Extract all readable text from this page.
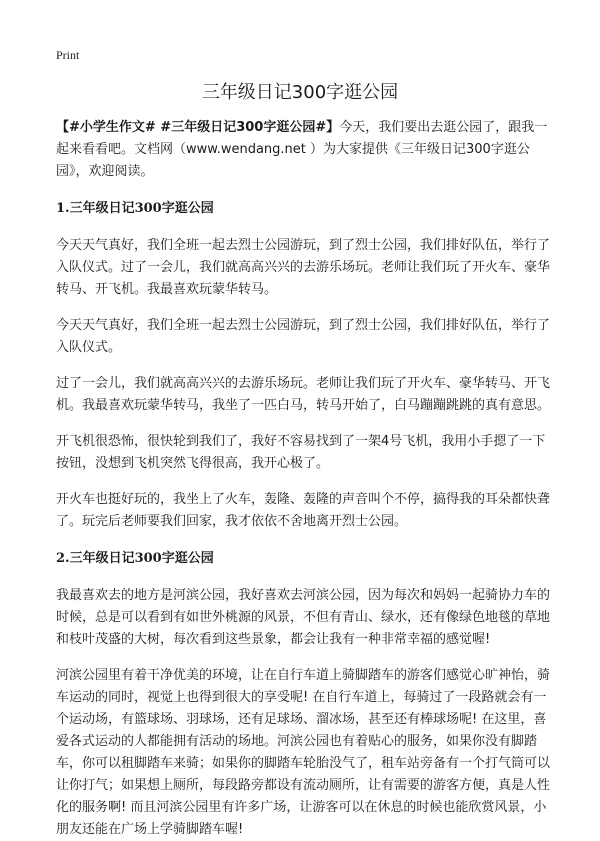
Print
三年级日记300字逛公园

【#小学生作文# #三年级日记300字逛公园#】今天，我们要出去逛公园了，跟我一起来看看吧。文档网（www.wendang.net ）为大家提供《三年级日记300字逛公园》，欢迎阅读。

1.三年级日记300字逛公园

今天天气真好，我们全班一起去烈士公园游玩，到了烈士公园，我们排好队伍，举行了入队仪式。过了一会儿，我们就高高兴兴的去游乐场玩。老师让我们玩了开火车、豪华转马、开飞机。我最喜欢玩蒙华转马。

今天天气真好，我们全班一起去烈士公园游玩，到了烈士公园，我们排好队伍，举行了入队仪式。

过了一会儿，我们就高高兴兴的去游乐场玩。老师让我们玩了开火车、豪华转马、开飞机。我最喜欢玩蒙华转马，我坐了一匹白马，转马开始了，白马蹦蹦跳跳的真有意思。

开飞机很恐怖，很快轮到我们了，我好不容易找到了一架4号飞机，我用小手摁了一下按钮，没想到飞机突然飞得很高，我开心极了。

开火车也挺好玩的，我坐上了火车，轰隆、轰隆的声音叫个不停，搞得我的耳朵都快聋了。玩完后老师要我们回家，我才依依不舍地离开烈士公园。

2.三年级日记300字逛公园

我最喜欢去的地方是河滨公园，我好喜欢去河滨公园，因为每次和妈妈一起骑协力车的时候，总是可以看到有如世外桃源的风景，不但有青山、绿水，还有像绿色地毯的草地和枝叶茂盛的大树，每次看到这些景象，都会让我有一种非常幸福的感觉喔!

河滨公园里有着干净优美的环境，让在自行车道上骑脚踏车的游客们感觉心旷神怡，骑车运动的同时，视觉上也得到很大的享受呢! 在自行车道上，每骑过了一段路就会有一个运动场，有篮球场、羽球场，还有足球场、溜冰场，甚至还有棒球场呢! 在这里，喜爱各式运动的人都能拥有活动的场地。河滨公园也有着贴心的服务，如果你没有脚踏车，你可以租脚踏车来骑；如果你的脚踏车轮胎没气了，租车站旁备有一个打气筒可以让你打气；如果想上厕所，每段路旁都设有流动厕所，让有需要的游客方便，真是人性化的服务啊! 而且河滨公园里有许多广场，让游客可以在休息的时候也能欣赏风景，小朋友还能在广场上学骑脚踏车喔!
